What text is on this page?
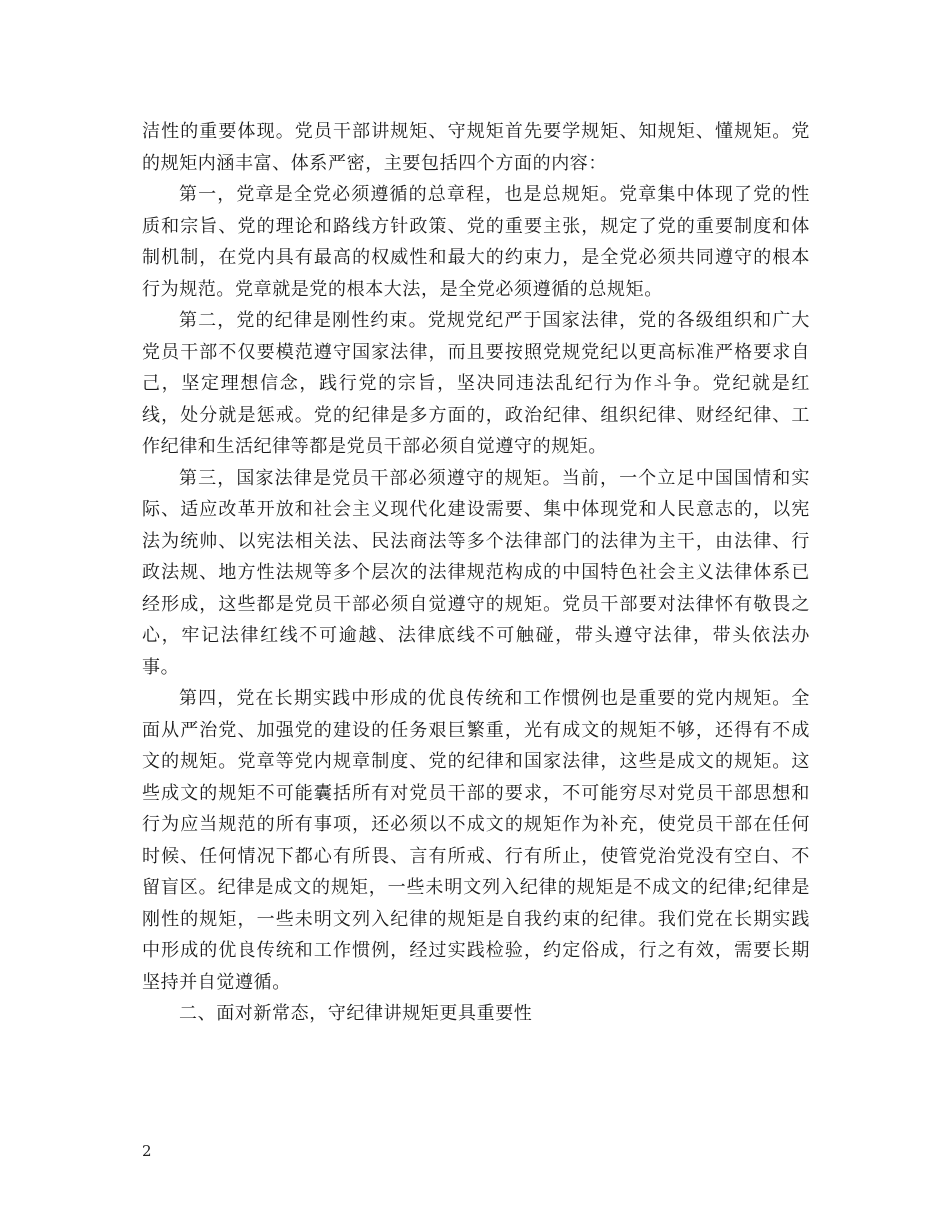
洁性的重要体现。党员干部讲规矩、守规矩首先要学规矩、知规矩、懂规矩。党的规矩内涵丰富、体系严密，主要包括四个方面的内容：

第一，党章是全党必须遵循的总章程，也是总规矩。党章集中体现了党的性质和宗旨、党的理论和路线方针政策、党的重要主张，规定了党的重要制度和体制机制，在党内具有最高的权威性和最大的约束力，是全党必须共同遵守的根本行为规范。党章就是党的根本大法，是全党必须遵循的总规矩。

第二，党的纪律是刚性约束。党规党纪严于国家法律，党的各级组织和广大党员干部不仅要模范遵守国家法律，而且要按照党规党纪以更高标准严格要求自己，坚定理想信念，践行党的宗旨，坚决同违法乱纪行为作斗争。党纪就是红线，处分就是惩戒。党的纪律是多方面的，政治纪律、组织纪律、财经纪律、工作纪律和生活纪律等都是党员干部必须自觉遵守的规矩。

第三，国家法律是党员干部必须遵守的规矩。当前，一个立足中国国情和实际、适应改革开放和社会主义现代化建设需要、集中体现党和人民意志的，以宪法为统帅、以宪法相关法、民法商法等多个法律部门的法律为主干，由法律、行政法规、地方性法规等多个层次的法律规范构成的中国特色社会主义法律体系已经形成，这些都是党员干部必须自觉遵守的规矩。党员干部要对法律怀有敬畏之心，牢记法律红线不可逾越、法律底线不可触碰，带头遵守法律，带头依法办事。

第四，党在长期实践中形成的优良传统和工作惯例也是重要的党内规矩。全面从严治党、加强党的建设的任务艰巨繁重，光有成文的规矩不够，还得有不成文的规矩。党章等党内规章制度、党的纪律和国家法律，这些是成文的规矩。这些成文的规矩不可能囊括所有对党员干部的要求，不可能穷尽对党员干部思想和行为应当规范的所有事项，还必须以不成文的规矩作为补充，使党员干部在任何时候、任何情况下都心有所畏、言有所戒、行有所止，使管党治党没有空白、不留盲区。纪律是成文的规矩，一些未明文列入纪律的规矩是不成文的纪律;纪律是刚性的规矩，一些未明文列入纪律的规矩是自我约束的纪律。我们党在长期实践中形成的优良传统和工作惯例，经过实践检验，约定俗成，行之有效，需要长期坚持并自觉遵循。

二、面对新常态，守纪律讲规矩更具重要性

2
